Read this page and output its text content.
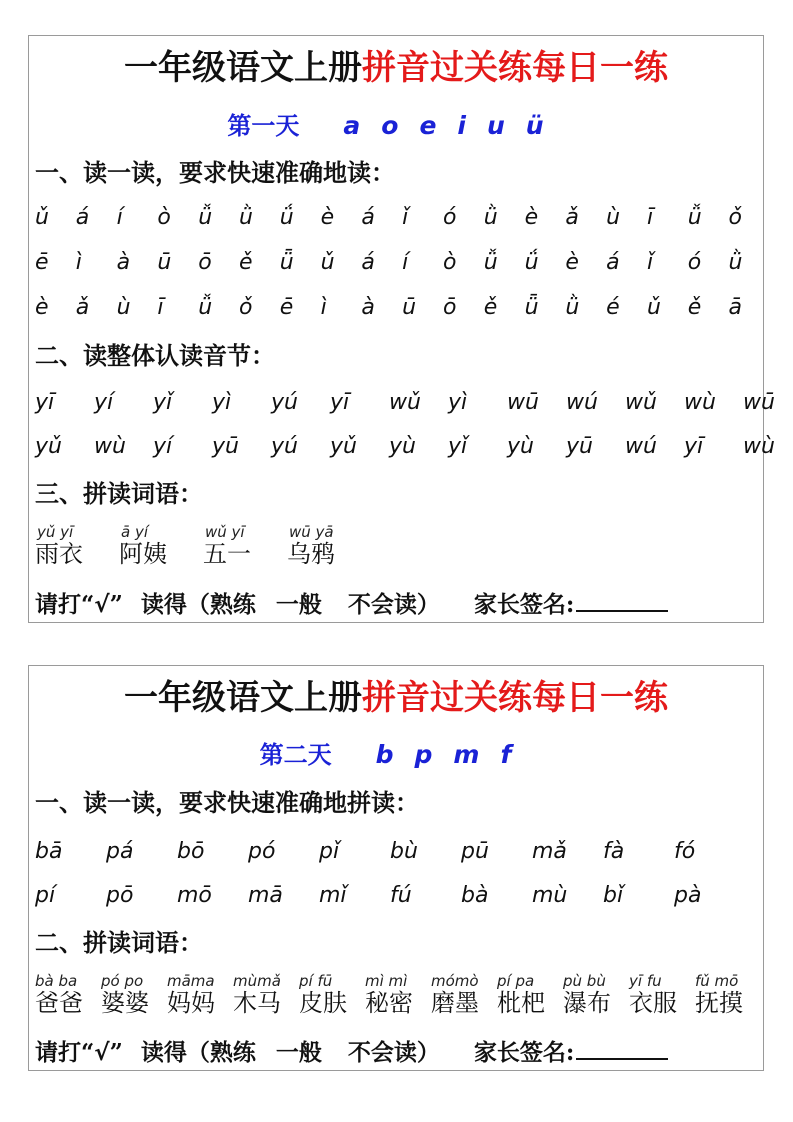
一年级语文上册拼音过关练每日一练
第一天 a o e i u ü
一、读一读，要求快速准确地读：
ǔ	á	í	ò	ǚ	ǜ	ǘ	è	á	ǐ	ó	ǜ	è	ǎ	ù	ī	ǚ	ǒ
ē	ì	à	ū	ō	ě	ǖ	ǔ	á	í	ò	ǚ	ǘ	è	á	ǐ	ó	ǜ
è	ǎ	ù	ī	ǚ	ǒ	ē	ì	à	ū	ō	ě	ǖ	ǜ	é	ǔ	ě	ā
二、读整体认读音节：
yī	yí	yǐ	yì	yú	yī	wǔ	yì	wū	wú	wǔ	wù	wū
yǔ	wù	yí	yū	yú	yǔ	yù	yǐ	yù	yū	wú	yī	wù
三、拼读词语：
yǔ yī
雨衣
ā yí
阿姨
wǔ yī
五一
wū yā
乌鸦
请打“ √ ” 读得（ 熟练 一般 不会读） 家长签名:
一年级语文上册拼音过关练每日一练
第二天 b p m f
一、读一读，要求快速准确地拼读：
bā	pá	bō	pó	pǐ	bù	pū	mǎ	fà	fó
pí	pō	mō	mā	mǐ	fú	bà	mù	bǐ	pà
二、拼读词语：
bà ba
爸爸
pó po
婆婆
māma
妈妈
mùmǎ
木马
pí fū
皮肤
mì mì
秘密
mómò
磨墨
pí pa
枇杷
pù bù
瀑布
yī fu
衣服
fǔ mō
抚摸
请打“ √ ” 读得（ 熟练 一般 不会读） 家长签名:
